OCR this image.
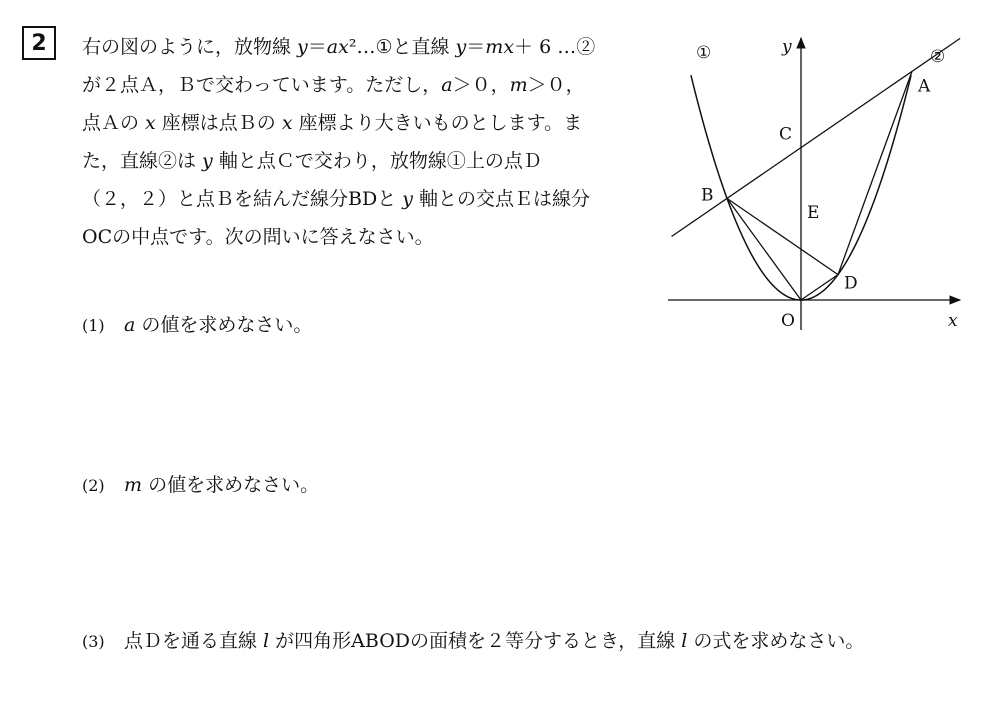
2	右の図のように，放物線 y＝ax²…①と直線 y＝mx＋ 6 …②
が２点Ａ，Ｂで交わっています。ただし，a＞０，m＞０，
点Ａの x 座標は点Ｂの x 座標より大きいものとします。ま
た，直線②は y 軸と点Ｃで交わり，放物線①上の点Ｄ
（２，２）と点Ｂを結んだ線分BDと y 軸との交点Ｅは線分
OCの中点です。次の問いに答えなさい。
(1) a の値を求めなさい。
(2) m の値を求めなさい。
(3) 点Ｄを通る直線 l が四角形ABODの面積を２等分するとき，直線 l の式を求めなさい。
①	②
x
y
A
B
C
D
E
O
